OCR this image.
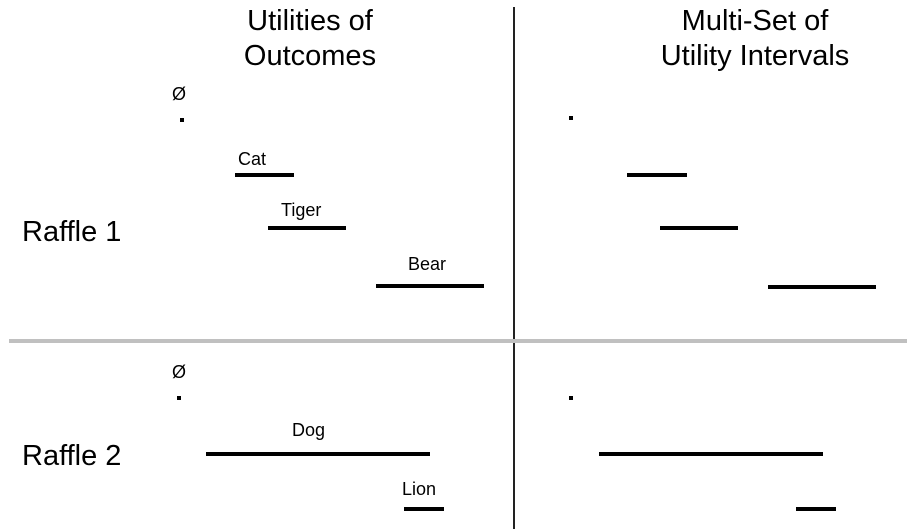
Utilities of
Outcomes
Multi-Set of
Utility Intervals
Raffle 1
Raffle 2
Ø
Cat
Tiger
Bear
Ø
Dog
Lion
